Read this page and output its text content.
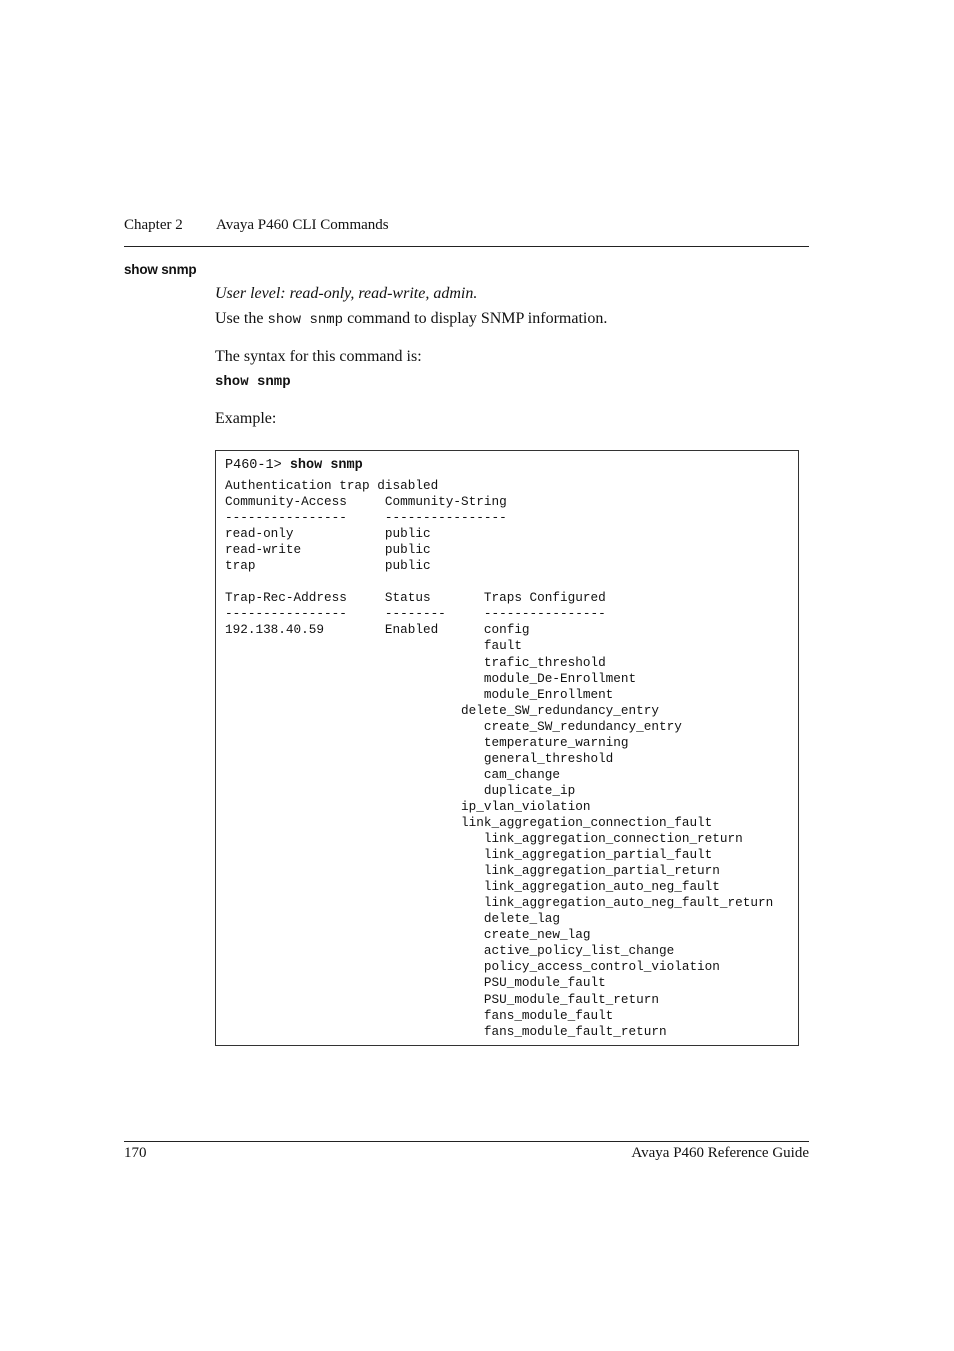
Chapter 2 Avaya P460 CLI Commands
show snmp
User level: read-only, read-write, admin.
Use the show snmp command to display SNMP information.
The syntax for this command is:
show snmp
Example:
P460-1> show snmp
Authentication trap disabled
Community-Access     Community-String
----------------     ----------------
read-only            public
read-write           public
trap                 public

Trap-Rec-Address     Status       Traps Configured
----------------     --------     ----------------
192.138.40.59        Enabled      config
fault
trafic_threshold
module_De-Enrollment
module_Enrollment
delete_SW_redundancy_entry
create_SW_redundancy_entry
temperature_warning
general_threshold
cam_change
duplicate_ip
ip_vlan_violation
link_aggregation_connection_fault
link_aggregation_connection_return
link_aggregation_partial_fault
link_aggregation_partial_return
link_aggregation_auto_neg_fault
link_aggregation_auto_neg_fault_return
delete_lag
create_new_lag
active_policy_list_change
policy_access_control_violation
PSU_module_fault
PSU_module_fault_return
fans_module_fault
fans_module_fault_return
170	Avaya P460 Reference Guide
